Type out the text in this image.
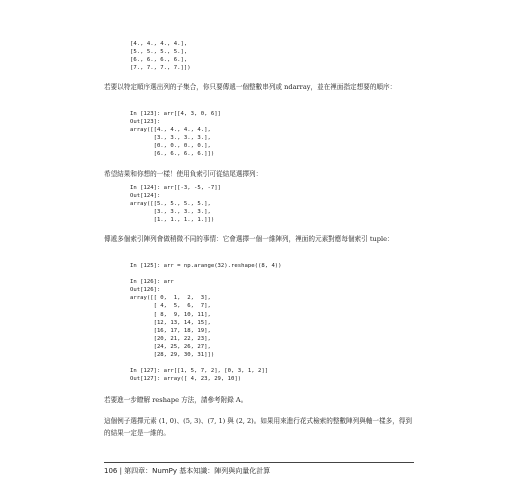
[4., 4., 4., 4.],
[5., 5., 5., 5.],
[6., 6., 6., 6.],
[7., 7., 7., 7.]])

若要以特定順序選出列的子集合，你只要傳遞一個整數串列或 ndarray，並在裡面指定想要的順序：

In [123]: arr[[4, 3, 0, 6]]
Out[123]:
array([[4., 4., 4., 4.],
[3., 3., 3., 3.],
[0., 0., 0., 0.],
[6., 6., 6., 6.]])

希望結果和你想的一樣！使用負索引可從結尾選擇列：

In [124]: arr[[-3, -5, -7]]
Out[124]:
array([[5., 5., 5., 5.],
[3., 3., 3., 3.],
[1., 1., 1., 1.]])

傳遞多個索引陣列會做稍微不同的事情：它會選擇一個一維陣列，裡面的元素對應每個索引 tuple：

In [125]: arr = np.arange(32).reshape((8, 4))

In [126]: arr
Out[126]:
array([[ 0,  1,  2,  3],
[ 4,  5,  6,  7],
[ 8,  9, 10, 11],
[12, 13, 14, 15],
[16, 17, 18, 19],
[20, 21, 22, 23],
[24, 25, 26, 27],
[28, 29, 30, 31]])

In [127]: arr[[1, 5, 7, 2], [0, 3, 1, 2]]
Out[127]: array([ 4, 23, 29, 10])

若要進一步瞭解 reshape 方法，請參考附錄 A。

這個例子選擇元素 (1, 0)、(5, 3)、(7, 1) 與 (2, 2)。如果用來進行花式檢索的整數陣列與軸一樣多，得到的結果一定是一維的。

106 | 第四章：NumPy 基本知識：陣列與向量化計算
